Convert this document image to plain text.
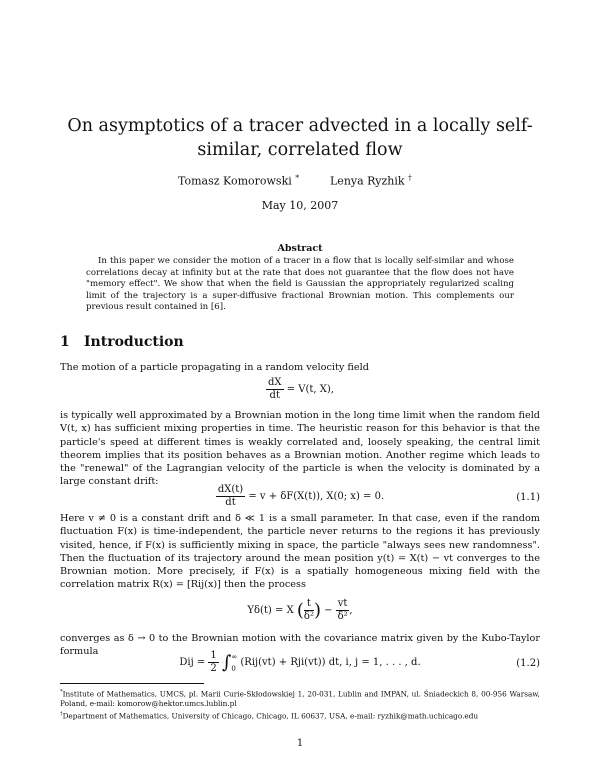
On asymptotics of a tracer advected in a locally self-similar, correlated flow
Tomasz Komorowski *	Lenya Ryzhik †
May 10, 2007
Abstract
In this paper we consider the motion of a tracer in a flow that is locally self-similar and whose correlations decay at infinity but at the rate that does not guarantee that the flow does not have "memory effect". We show that when the field is Gaussian the appropriately regularized scaling limit of the trajectory is a super-diffusive fractional Brownian motion. This complements our previous result contained in [6].
1 Introduction
The motion of a particle propagating in a random velocity field
$\frac{dX}{dt} = V(t$, X),
is typically well approximated by a Brownian motion in the long time limit when the random field V(t, x) has sufficient mixing properties in time. The heuristic reason for this behavior is that the particle's speed at different times is weakly correlated and, loosely speaking, the central limit theorem implies that its position behaves as a Brownian motion. Another regime which leads to the "renewal" of the Lagrangian velocity of the particle is when the velocity is dominated by a large constant drift:
$\frac{dX(t)}{dt} = v + \delta F(X(t))$, X(0; x) = 0.	(1.1)
Here v ≠ 0 is a constant drift and δ ≪ 1 is a small parameter. In that case, even if the random fluctuation F(x) is time-independent, the particle never returns to the regions it has previously visited, hence, if F(x) is sufficiently mixing in space, the particle "always sees new randomness". Then the fluctuation of its trajectory around the mean position y(t) = X(t) − vt converges to the Brownian motion. More precisely, if F(x) is a spatially homogeneous mixing field with the correlation matrix R(x) = [Rij(x)] then the process
Yδ(t) = X ( $\frac{t}{\text{δ²}}$ ) − $\frac{vt}{\text{δ²}}$ ,
converges as δ → 0 to the Brownian motion with the covariance matrix given by the Kubo-Taylor formula
Dij = $\frac{1}{2}$ ∫ ∞
0
(Rij(vt) + Rji(vt)) dt, i, j = 1, . . . , d.	(1.2)
*Institute of Mathematics, UMCS, pl. Marii Curie-Skłodowskiej 1, 20-031, Lublin and IMPAN, ul. Śniadeckich 8, 00-956 Warsaw, Poland, e-mail: komorow@hektor.umcs.lublin.pl
†Department of Mathematics, University of Chicago, Chicago, IL 60637, USA, e-mail: ryzhik@math.uchicago.edu
1
